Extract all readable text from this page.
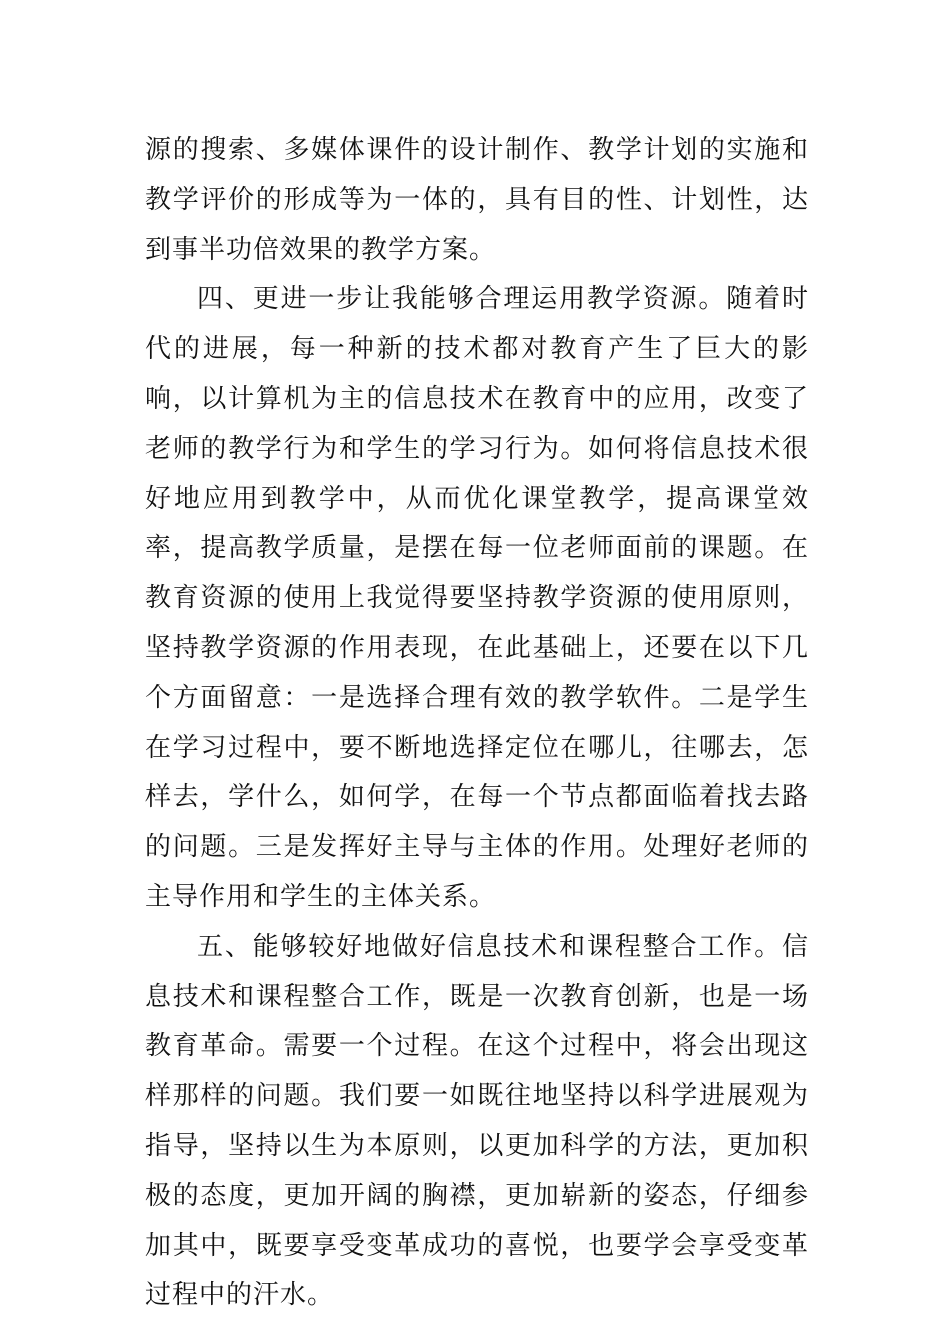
源的搜索、多媒体课件的设计制作、教学计划的实施和教学评价的形成等为一体的，具有目的性、计划性，达到事半功倍效果的教学方案。

四、更进一步让我能够合理运用教学资源。随着时代的进展，每一种新的技术都对教育产生了巨大的影响，以计算机为主的信息技术在教育中的应用，改变了老师的教学行为和学生的学习行为。如何将信息技术很好地应用到教学中，从而优化课堂教学，提高课堂效率，提高教学质量，是摆在每一位老师面前的课题。在教育资源的使用上我觉得要坚持教学资源的使用原则，坚持教学资源的作用表现，在此基础上，还要在以下几个方面留意：一是选择合理有效的教学软件。二是学生在学习过程中，要不断地选择定位在哪儿，往哪去，怎样去，学什么，如何学，在每一个节点都面临着找去路的问题。三是发挥好主导与主体的作用。处理好老师的主导作用和学生的主体关系。

五、能够较好地做好信息技术和课程整合工作。信息技术和课程整合工作，既是一次教育创新，也是一场教育革命。需要一个过程。在这个过程中，将会出现这样那样的问题。我们要一如既往地坚持以科学进展观为指导，坚持以生为本原则，以更加科学的方法，更加积极的态度，更加开阔的胸襟，更加崭新的姿态，仔细参加其中，既要享受变革成功的喜悦，也要学会享受变革过程中的汗水。
